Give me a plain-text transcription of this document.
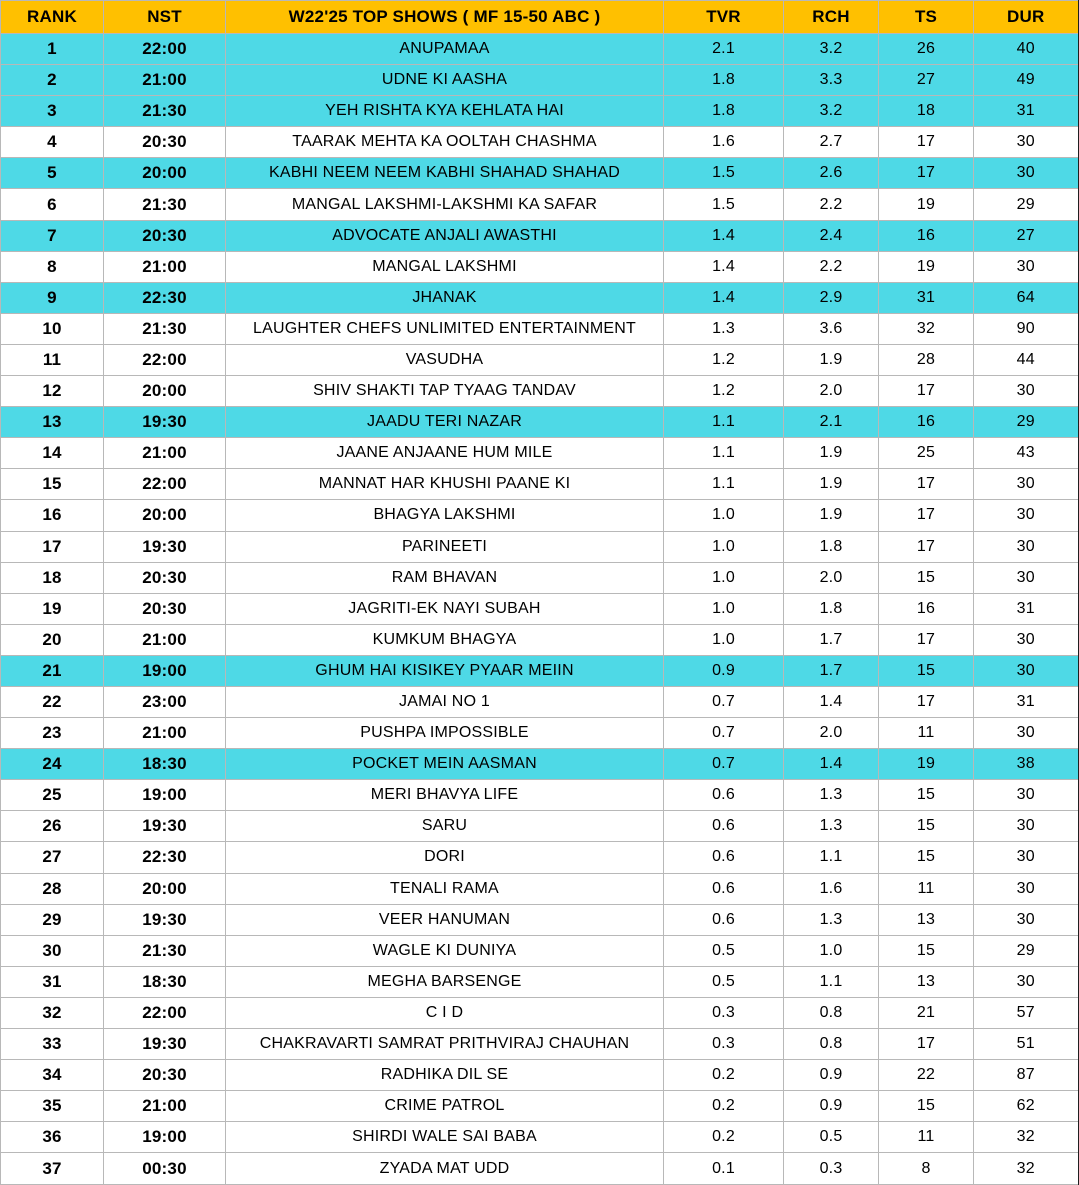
RANK	NST	W22'25 TOP SHOWS ( MF 15-50 ABC )	TVR	RCH	TS	DUR
1	22:00	ANUPAMAA	2.1	3.2	26	40
2	21:00	UDNE KI AASHA	1.8	3.3	27	49
3	21:30	YEH RISHTA KYA KEHLATA HAI	1.8	3.2	18	31
4	20:30	TAARAK MEHTA KA OOLTAH CHASHMA	1.6	2.7	17	30
5	20:00	KABHI NEEM NEEM KABHI SHAHAD SHAHAD	1.5	2.6	17	30
6	21:30	MANGAL LAKSHMI-LAKSHMI KA SAFAR	1.5	2.2	19	29
7	20:30	ADVOCATE ANJALI AWASTHI	1.4	2.4	16	27
8	21:00	MANGAL LAKSHMI	1.4	2.2	19	30
9	22:30	JHANAK	1.4	2.9	31	64
10	21:30	LAUGHTER CHEFS UNLIMITED ENTERTAINMENT	1.3	3.6	32	90
11	22:00	VASUDHA	1.2	1.9	28	44
12	20:00	SHIV SHAKTI TAP TYAAG TANDAV	1.2	2.0	17	30
13	19:30	JAADU TERI NAZAR	1.1	2.1	16	29
14	21:00	JAANE ANJAANE HUM MILE	1.1	1.9	25	43
15	22:00	MANNAT HAR KHUSHI PAANE KI	1.1	1.9	17	30
16	20:00	BHAGYA LAKSHMI	1.0	1.9	17	30
17	19:30	PARINEETI	1.0	1.8	17	30
18	20:30	RAM BHAVAN	1.0	2.0	15	30
19	20:30	JAGRITI-EK NAYI SUBAH	1.0	1.8	16	31
20	21:00	KUMKUM BHAGYA	1.0	1.7	17	30
21	19:00	GHUM HAI KISIKEY PYAAR MEIIN	0.9	1.7	15	30
22	23:00	JAMAI NO 1	0.7	1.4	17	31
23	21:00	PUSHPA IMPOSSIBLE	0.7	2.0	11	30
24	18:30	POCKET MEIN AASMAN	0.7	1.4	19	38
25	19:00	MERI BHAVYA LIFE	0.6	1.3	15	30
26	19:30	SARU	0.6	1.3	15	30
27	22:30	DORI	0.6	1.1	15	30
28	20:00	TENALI RAMA	0.6	1.6	11	30
29	19:30	VEER HANUMAN	0.6	1.3	13	30
30	21:30	WAGLE KI DUNIYA	0.5	1.0	15	29
31	18:30	MEGHA BARSENGE	0.5	1.1	13	30
32	22:00	C I D	0.3	0.8	21	57
33	19:30	CHAKRAVARTI SAMRAT PRITHVIRAJ CHAUHAN	0.3	0.8	17	51
34	20:30	RADHIKA DIL SE	0.2	0.9	22	87
35	21:00	CRIME PATROL	0.2	0.9	15	62
36	19:00	SHIRDI WALE SAI BABA	0.2	0.5	11	32
37	00:30	ZYADA MAT UDD	0.1	0.3	8	32
